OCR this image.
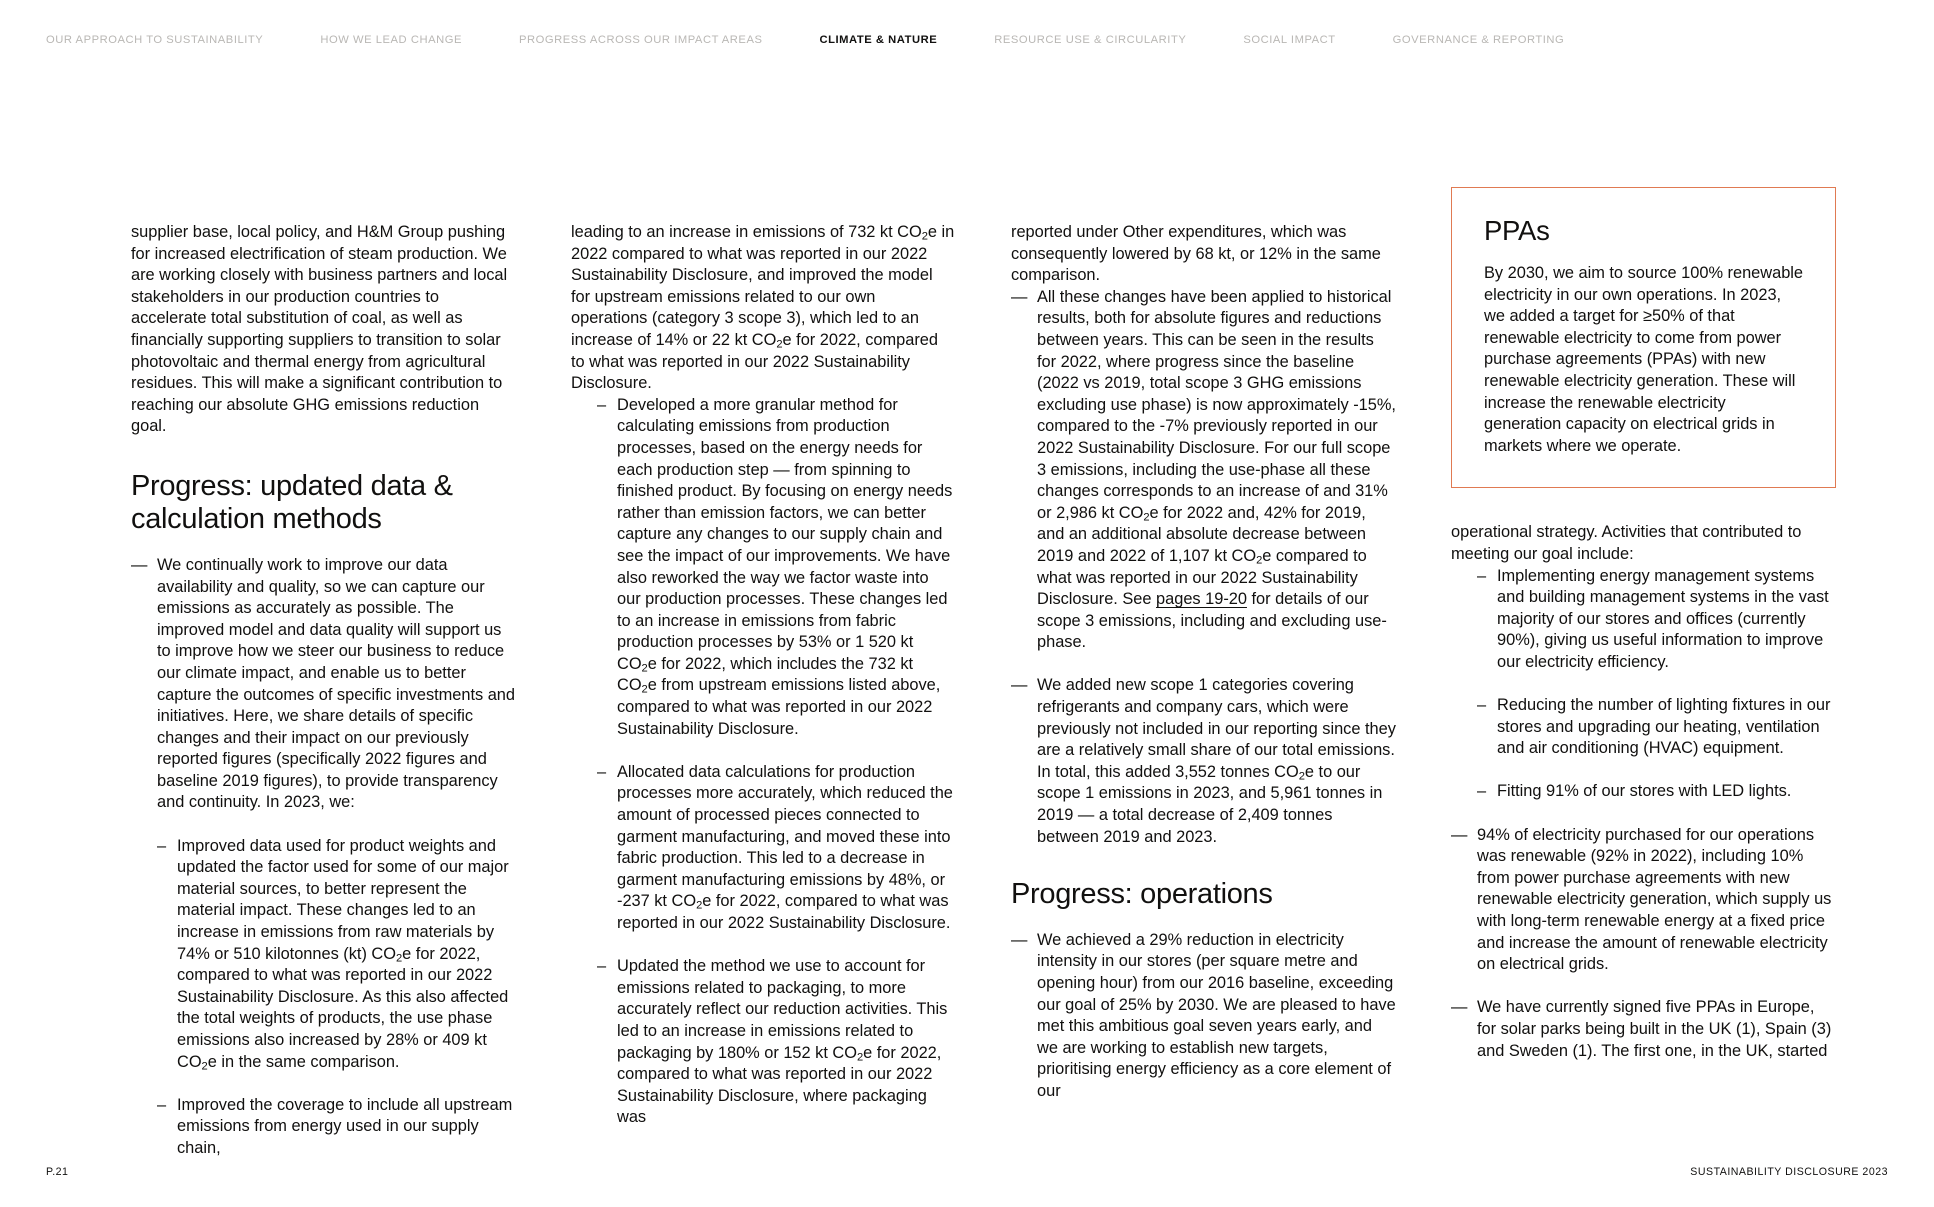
OUR APPROACH TO SUSTAINABILITY	HOW WE LEAD CHANGE	PROGRESS ACROSS OUR IMPACT AREAS	CLIMATE & NATURE	RESOURCE USE & CIRCULARITY	SOCIAL IMPACT	GOVERNANCE & REPORTING

supplier base, local policy, and H&M Group pushing for increased electrification of steam production. We are working closely with business partners and local stakeholders in our production countries to accelerate total substitution of coal, as well as financially supporting suppliers to transition to solar photovoltaic and thermal energy from agricultural residues. This will make a significant contribution to reaching our absolute GHG emissions reduction goal.

Progress: updated data & calculation methods
— We continually work to improve our data availability and quality, so we can capture our emissions as accurately as possible. The improved model and data quality will support us to improve how we steer our business to reduce our climate impact, and enable us to better capture the outcomes of specific investments and initiatives. Here, we share details of specific changes and their impact on our previously reported figures (specifically 2022 figures and baseline 2019 figures), to provide transparency and continuity. In 2023, we:
– Improved data used for product weights and updated the factor used for some of our major material sources, to better represent the material impact. These changes led to an increase in emissions from raw materials by 74% or 510 kilotonnes (kt) $CO_2e$ for 2022, compared to what was reported in our 2022 Sustainability Disclosure. As this also affected the total weights of products, the use phase emissions also increased by 28% or 409 kt $CO_2e$ in the same comparison.
– Improved the coverage to include all upstream emissions from energy used in our supply chain,

leading to an increase in emissions of 732 kt $CO_2e$ in 2022 compared to what was reported in our 2022 Sustainability Disclosure, and improved the model for upstream emissions related to our own operations (category 3 scope 3), which led to an increase of 14% or 22 kt $CO_2e$ for 2022, compared to what was reported in our 2022 Sustainability Disclosure.

– Developed a more granular method for calculating emissions from production processes, based on the energy needs for each production step — from spinning to finished product. By focusing on energy needs rather than emission factors, we can better capture any changes to our supply chain and see the impact of our improvements. We have also reworked the way we factor waste into our production processes. These changes led to an increase in emissions from fabric production processes by 53% or 1 520 kt $CO_2e$ for 2022, which includes the 732 kt $CO_2e$ from upstream emissions listed above, compared to what was reported in our 2022 Sustainability Disclosure.
– Allocated data calculations for production processes more accurately, which reduced the amount of processed pieces connected to garment manufacturing, and moved these into fabric production. This led to a decrease in garment manufacturing emissions by 48%, or -237 kt $CO_2e$ for 2022, compared to what was reported in our 2022 Sustainability Disclosure.
– Updated the method we use to account for emissions related to packaging, to more accurately reflect our reduction activities. This led to an increase in emissions related to packaging by 180% or 152 kt $CO_2e$ for 2022, compared to what was reported in our 2022 Sustainability Disclosure, where packaging was

reported under Other expenditures, which was consequently lowered by 68 kt, or 12% in the same comparison.

— All these changes have been applied to historical results, both for absolute figures and reductions between years. This can be seen in the results for 2022, where progress since the baseline (2022 vs 2019, total scope 3 GHG emissions excluding use phase) is now approximately -15%, compared to the -7% previously reported in our 2022 Sustainability Disclosure. For our full scope 3 emissions, including the use-phase all these changes corresponds to an increase of and 31% or 2,986 kt $CO_2e$ for 2022 and, 42% for 2019, and an additional absolute decrease between 2019 and 2022 of 1,107 kt $CO_2e$ compared to what was reported in our 2022 Sustainability Disclosure. See pages 19-20 for details of our scope 3 emissions, including and excluding use-phase.
— We added new scope 1 categories covering refrigerants and company cars, which were previously not included in our reporting since they are a relatively small share of our total emissions. In total, this added 3,552 tonnes $CO_2e$ to our scope 1 emissions in 2023, and 5,961 tonnes in 2019 — a total decrease of 2,409 tonnes between 2019 and 2023.
Progress: operations
— We achieved a 29% reduction in electricity intensity in our stores (per square metre and opening hour) from our 2016 baseline, exceeding our goal of 25% by 2030. We are pleased to have met this ambitious goal seven years early, and we are working to establish new targets, prioritising energy efficiency as a core element of our
PPAs

By 2030, we aim to source 100% renewable electricity in our own operations. In 2023, we added a target for ≥50% of that renewable electricity to come from power purchase agreements (PPAs) with new renewable electricity generation. These will increase the renewable electricity generation capacity on electrical grids in markets where we operate.

operational strategy. Activities that contributed to meeting our goal include:

– Implementing energy management systems and building management systems in the vast majority of our stores and offices (currently 90%), giving us useful information to improve our electricity efficiency.
– Reducing the number of lighting fixtures in our stores and upgrading our heating, ventilation and air conditioning (HVAC) equipment.
– Fitting 91% of our stores with LED lights.
— 94% of electricity purchased for our operations was renewable (92% in 2022), including 10% from power purchase agreements with new renewable electricity generation, which supply us with long-term renewable energy at a fixed price and increase the amount of renewable electricity on electrical grids.
— We have currently signed five PPAs in Europe, for solar parks being built in the UK (1), Spain (3) and Sweden (1). The first one, in the UK, started
P.21	SUSTAINABILITY DISCLOSURE 2023
